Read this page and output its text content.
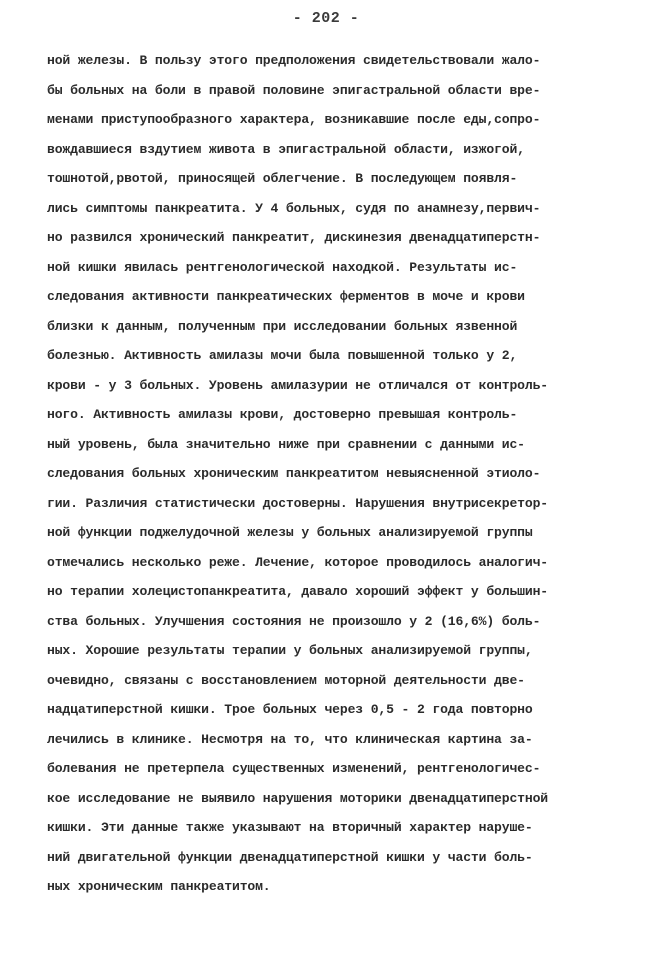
- 202 -
ной железы. В пользу этого предположения свидетельствовали жало-
бы больных на боли в правой половине эпигастральной области вре-
менами приступообразного характера, возникавшие после еды,сопро-
вождавшиеся вздутием живота в эпигастральной области, изжогой,
тошнотой,рвотой, приносящей облегчение. В последующем появля-
лись симптомы панкреатита. У 4 больных, судя по анамнезу,первич-
но развился хронический панкреатит, дискинезия двенадцатиперстн-
ной кишки явилась рентгенологической находкой. Результаты ис-
следования активности панкреатических ферментов в моче и крови
близки к данным, полученным при исследовании больных язвенной
болезнью. Активность амилазы мочи была повышенной только у 2,
крови - у 3 больных. Уровень амилазурии не отличался от контроль-
ного. Активность амилазы крови, достоверно превышая контроль-
ный уровень, была значительно ниже при сравнении с данными ис-
следования больных хроническим панкреатитом невыясненной этиоло-
гии. Различия статистически достоверны. Нарушения внутрисекретор-
ной функции поджелудочной железы у больных анализируемой группы
отмечались несколько реже. Лечение, которое проводилось аналогич-
но терапии холецистопанкреатита, давало хороший эффект у большин-
ства больных. Улучшения состояния не произошло у 2 (16,6%) боль-
ных. Хорошие результаты терапии у больных анализируемой группы,
очевидно, связаны с восстановлением моторной деятельности две-
надцатиперстной кишки. Трое больных через 0,5 - 2 года повторно
лечились в клинике. Несмотря на то, что клиническая картина за-
болевания не претерпела существенных изменений, рентгенологичес-
кое исследование не выявило нарушения моторики двенадцатиперстной
кишки. Эти данные также указывают на вторичный характер наруше-
ний двигательной функции двенадцатиперстной кишки у части боль-
ных хроническим панкреатитом.
